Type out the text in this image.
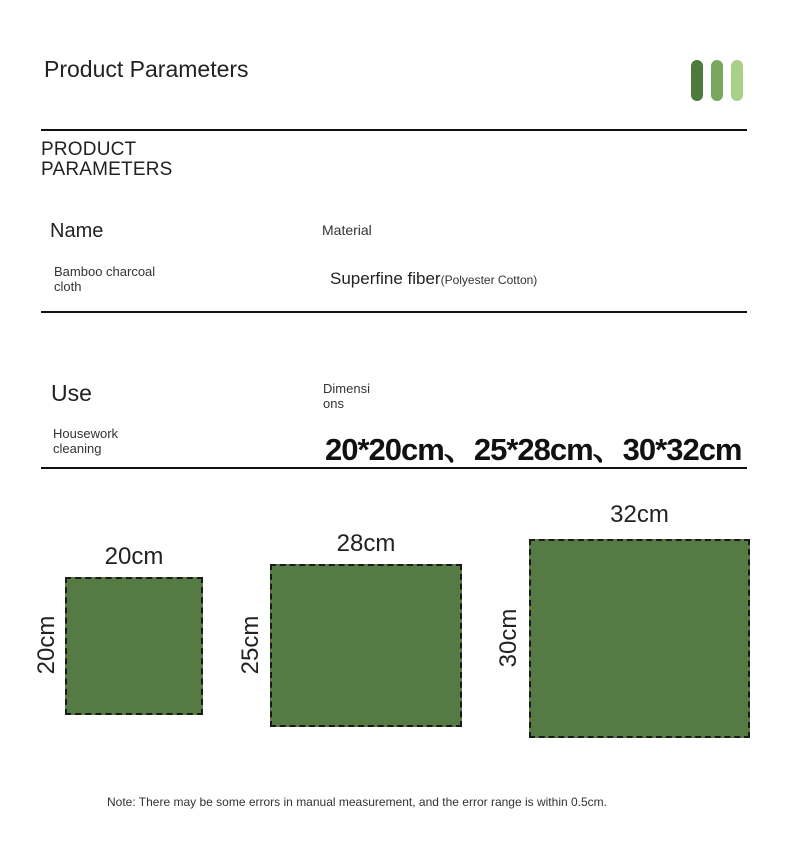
Product Parameters
PRODUCT
PARAMETERS
Name	Material
Bamboo charcoal
cloth	Superfine fiber(Polyester Cotton)
Use	Dimensi
ons
Housework
cleaning	20*20cm、25*28cm、30*32cm
20cm
20cm
28cm
25cm
32cm
30cm
Note: There may be some errors in manual measurement, and the error range is within 0.5cm.
